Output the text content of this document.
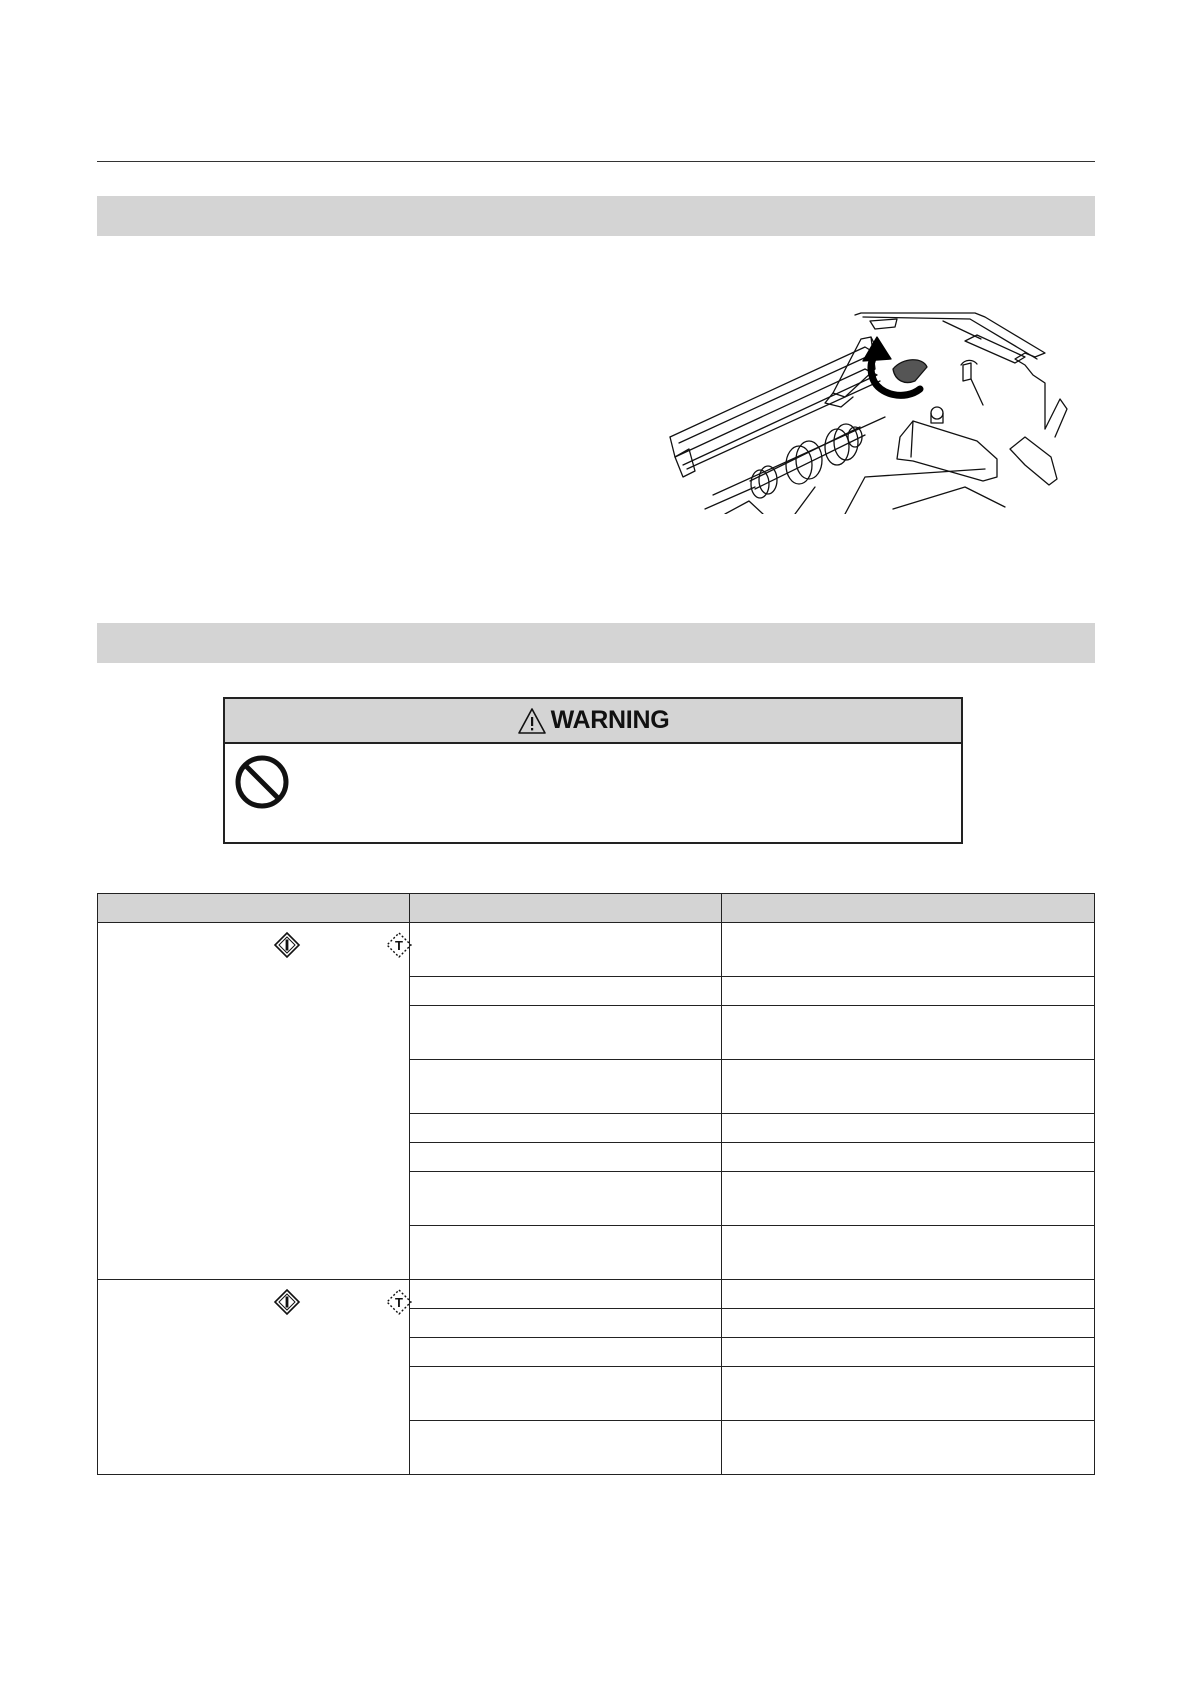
WARNING

T		

T		
